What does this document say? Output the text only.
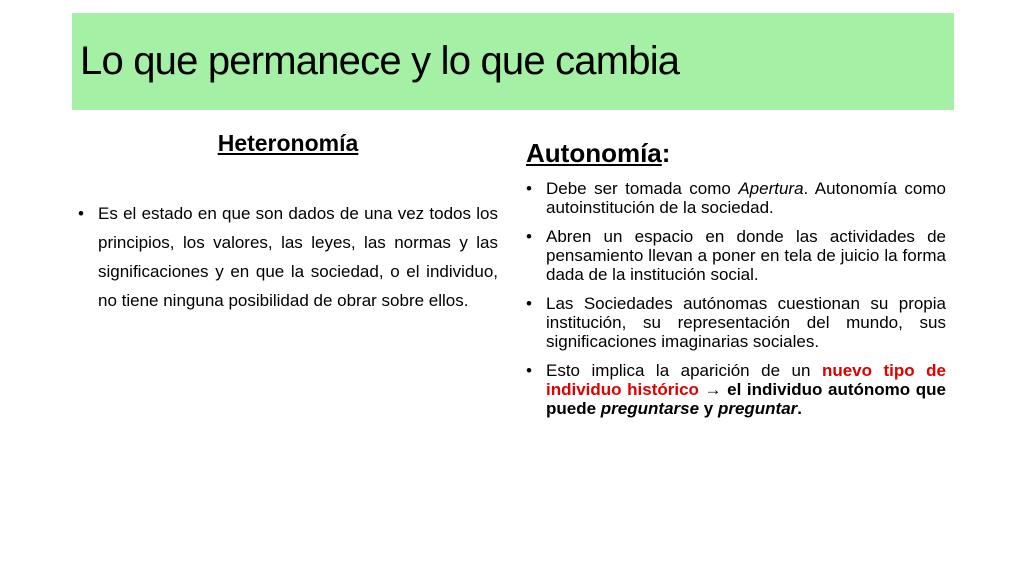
Lo que permanece y lo que cambia
Heteronomía
• Es el estado en que son dados de una vez todos los principios, los valores, las leyes, las normas y las significaciones y en que la sociedad, o el individuo, no tiene ninguna posibilidad de obrar sobre ellos.
Autonomía:
• Debe ser tomada como Apertura. Autonomía como autoinstitución de la sociedad.
• Abren un espacio en donde las actividades de pensamiento llevan a poner en tela de juicio la forma dada de la institución social.
• Las Sociedades autónomas cuestionan su propia institución, su representación del mundo, sus significaciones imaginarias sociales.
• Esto implica la aparición de un nuevo tipo de individuo histórico → el individuo autónomo que puede preguntarse y preguntar.
